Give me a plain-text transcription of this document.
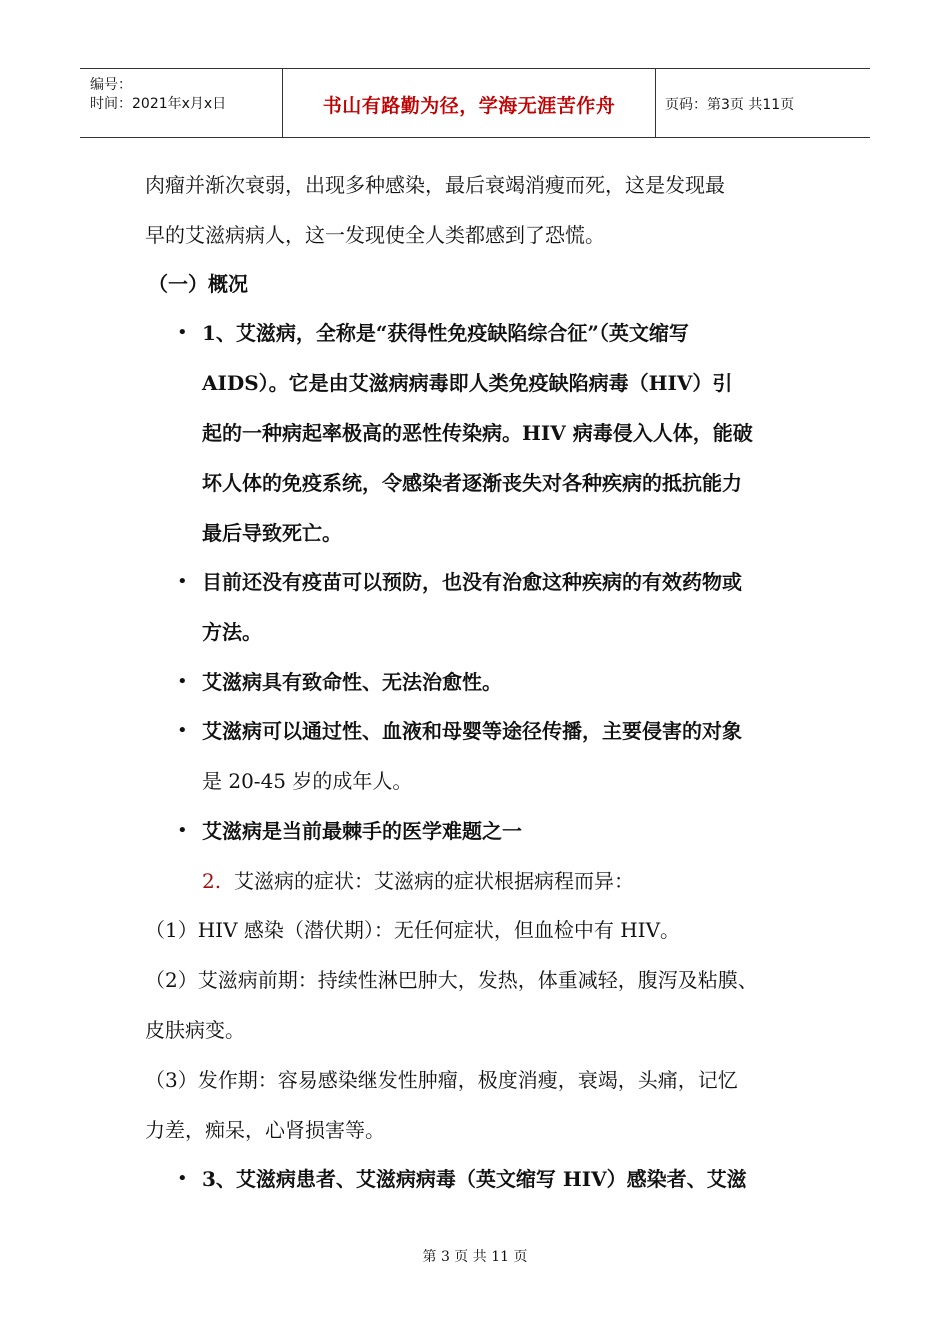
编号：
时间：2021年x月x日	书山有路勤为径，学海无涯苦作舟	页码：第3页 共11页
肉瘤并渐次衰弱，出现多种感染，最后衰竭消瘦而死，这是发现最
早的艾滋病病人，这一发现使全人类都感到了恐慌。
（一）概况
• 1、艾滋病，全称是“获得性免疫缺陷综合征”（英文缩写
AIDS）。它是由艾滋病病毒即人类免疫缺陷病毒（HIV）引
起的一种病起率极高的恶性传染病。HIV 病毒侵入人体，能破
坏人体的免疫系统，令感染者逐渐丧失对各种疾病的抵抗能力
最后导致死亡。
• 目前还没有疫苗可以预防，也没有治愈这种疾病的有效药物或
方法。
• 艾滋病具有致命性、无法治愈性。
• 艾滋病可以通过性、血液和母婴等途径传播，主要侵害的对象
是 20-45 岁的成年人。
• 艾滋病是当前最棘手的医学难题之一
2. 艾滋病的症状：艾滋病的症状根据病程而异：
（1）HIV 感染（潜伏期）：无任何症状，但血检中有 HIV。
（2）艾滋病前期：持续性淋巴肿大，发热，体重减轻，腹泻及粘膜、
皮肤病变。
（3）发作期：容易感染继发性肿瘤，极度消瘦，衰竭，头痛，记忆
力差，痴呆，心肾损害等。
• 3、艾滋病患者、艾滋病病毒（英文缩写 HIV）感染者、艾滋
第 3 页 共 11 页
